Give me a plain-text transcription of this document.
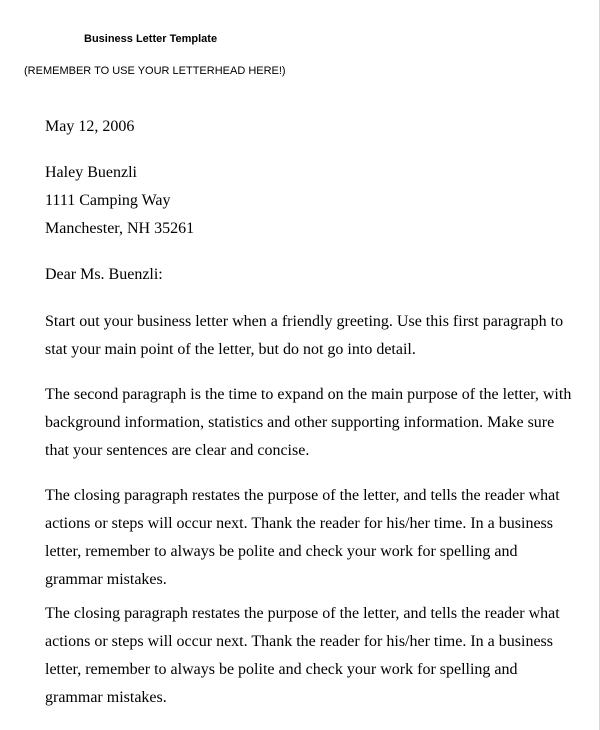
Business Letter Template
(REMEMBER TO USE YOUR LETTERHEAD HERE!)
May 12, 2006
Haley Buenzli
1111 Camping Way
Manchester, NH 35261
Dear Ms. Buenzli:
Start out your business letter when a friendly greeting. Use this first paragraph to
stat your main point of the letter, but do not go into detail.
The second paragraph is the time to expand on the main purpose of the letter, with
background information, statistics and other supporting information. Make sure
that your sentences are clear and concise.
The closing paragraph restates the purpose of the letter, and tells the reader what
actions or steps will occur next. Thank the reader for his/her time. In a business
letter, remember to always be polite and check your work for spelling and
grammar mistakes.
The closing paragraph restates the purpose of the letter, and tells the reader what
actions or steps will occur next. Thank the reader for his/her time. In a business
letter, remember to always be polite and check your work for spelling and
grammar mistakes.
